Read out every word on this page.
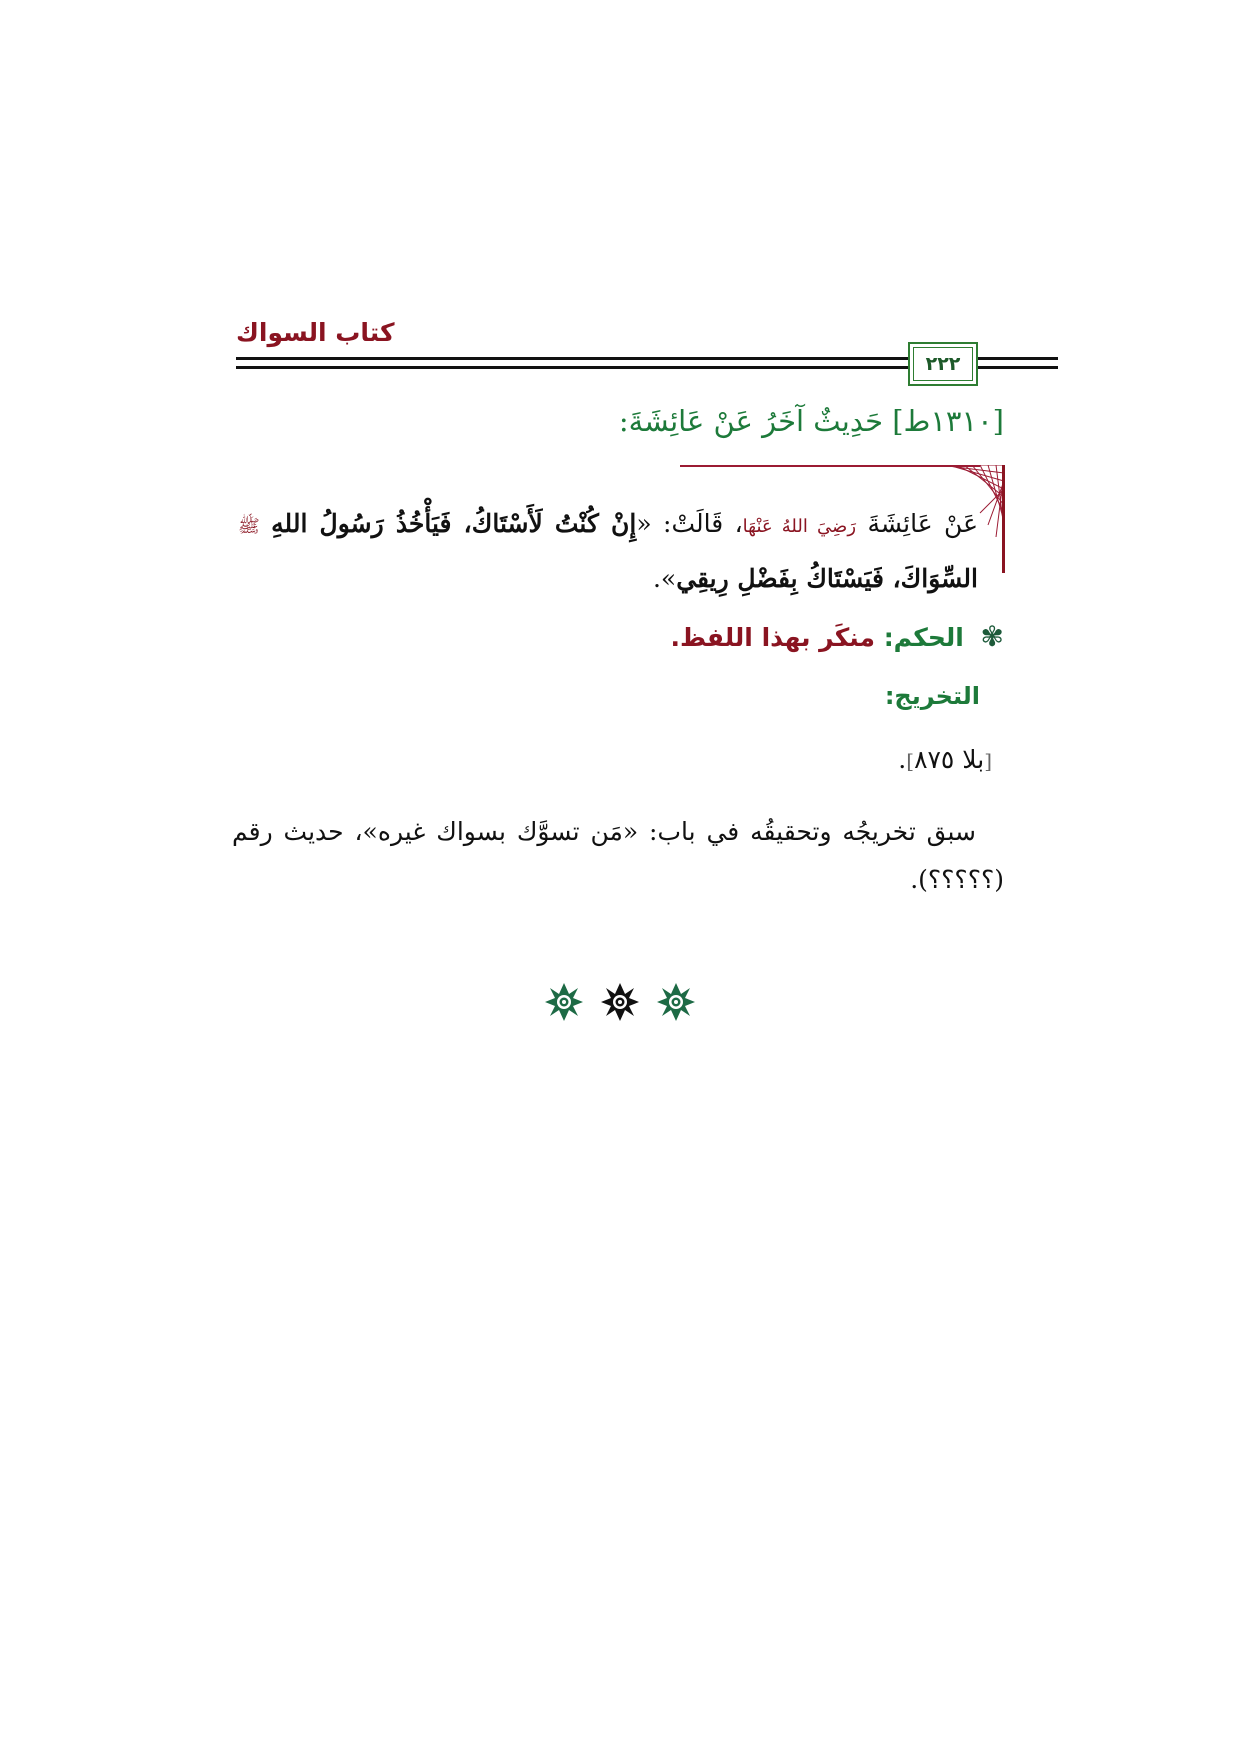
كتاب السواك
٢٢٢
[١٣١٠ط] حَدِيثٌ آخَرُ عَنْ عَائِشَةَ:
عَنْ عَائِشَةَ رَضِيَ اللهُ عَنْهَا، قَالَتْ: «إِنْ كُنْتُ لَأَسْتَاكُ، فَيَأْخُذُ رَسُولُ اللهِ ﷺ السِّوَاكَ، فَيَسْتَاكُ بِفَضْلِ رِيقِي».
✾ الحكم: منكَر بهذا اللفظ.
التخريج:
[بلا ٨٧٥].
سبق تخريجُه وتحقيقُه في باب: «مَن تسوَّك بسواك غيره»، حديث رقم (؟؟؟؟؟).
